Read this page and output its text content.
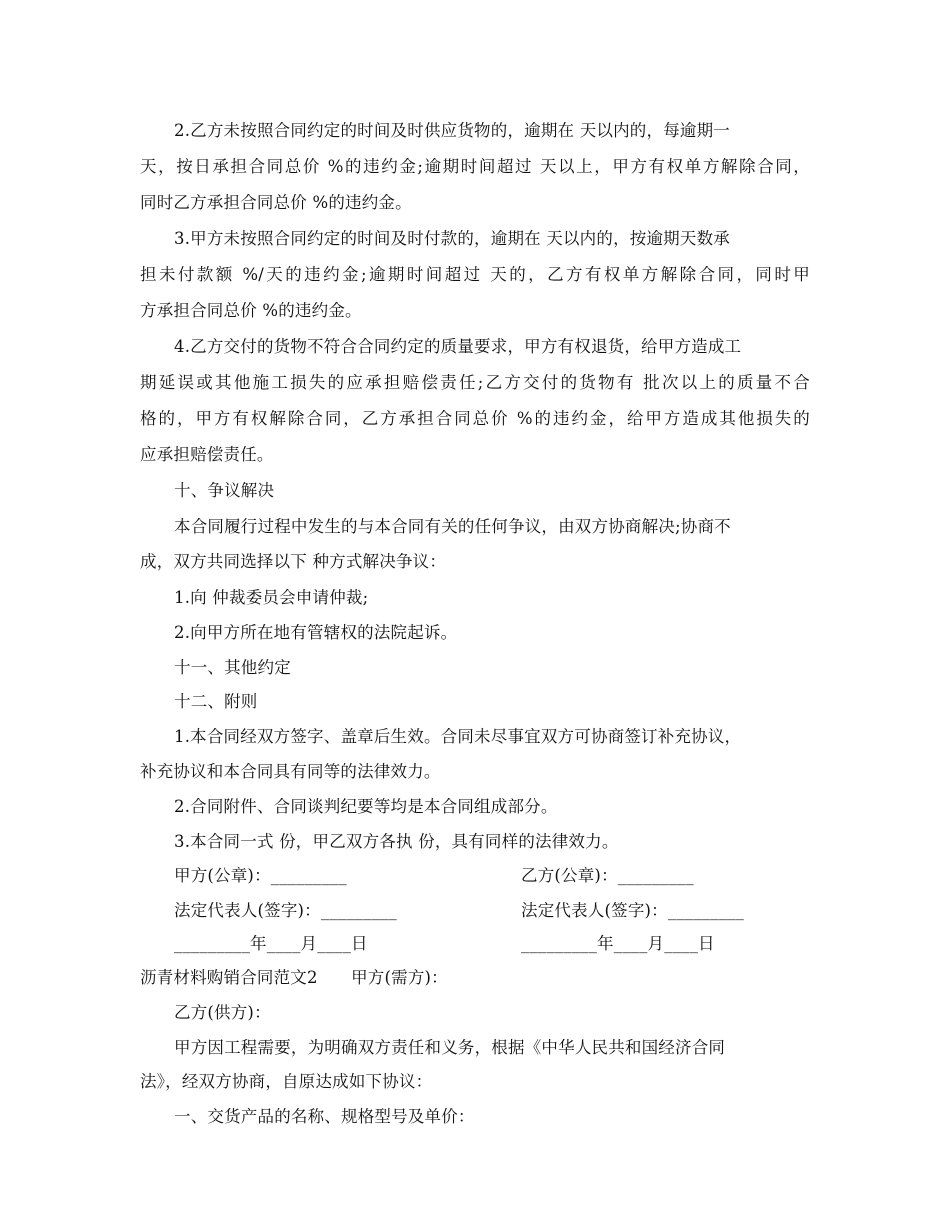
2.乙方未按照合同约定的时间及时供应货物的，逾期在 天以内的，每逾期一
天，按日承担合同总价 %的违约金;逾期时间超过 天以上，甲方有权单方解除合同，
同时乙方承担合同总价 %的违约金。
3.甲方未按照合同约定的时间及时付款的，逾期在 天以内的，按逾期天数承
担未付款额 %/天的违约金;逾期时间超过 天的，乙方有权单方解除合同，同时甲
方承担合同总价 %的违约金。
4.乙方交付的货物不符合合同约定的质量要求，甲方有权退货，给甲方造成工
期延误或其他施工损失的应承担赔偿责任;乙方交付的货物有 批次以上的质量不合
格的，甲方有权解除合同，乙方承担合同总价 %的违约金，给甲方造成其他损失的
应承担赔偿责任。
十、争议解决
本合同履行过程中发生的与本合同有关的任何争议，由双方协商解决;协商不
成，双方共同选择以下 种方式解决争议：
1.向 仲裁委员会申请仲裁;
2.向甲方所在地有管辖权的法院起诉。
十一、其他约定
十二、附则
1.本合同经双方签字、盖章后生效。合同未尽事宜双方可协商签订补充协议，
补充协议和本合同具有同等的法律效力。
2.合同附件、合同谈判纪要等均是本合同组成部分。
3.本合同一式 份，甲乙双方各执 份，具有同样的法律效力。
甲方(公章)：_________	乙方(公章)：_________
法定代表人(签字)：_________	法定代表人(签字)：_________
_________年____月____日	_________年____月____日
沥青材料购销合同范文2　　甲方(需方)：
乙方(供方)：
甲方因工程需要，为明确双方责任和义务，根据《中华人民共和国经济合同
法》，经双方协商，自原达成如下协议：
一、交货产品的名称、规格型号及单价：
